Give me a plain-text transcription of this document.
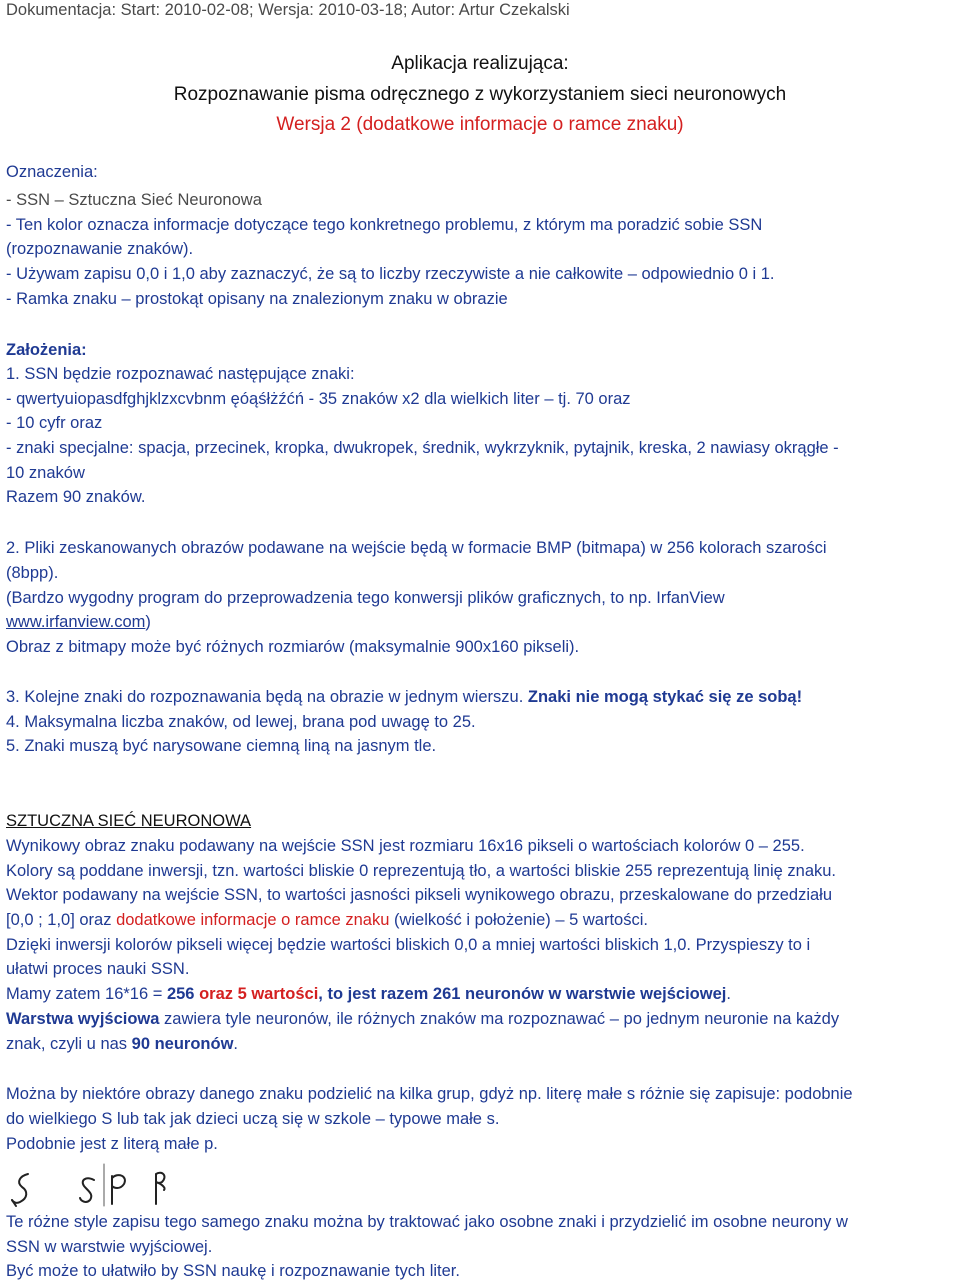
Dokumentacja: Start: 2010-02-08; Wersja: 2010-03-18; Autor: Artur Czekalski
Aplikacja realizująca:
Rozpoznawanie pisma odręcznego z wykorzystaniem sieci neuronowych
Wersja 2 (dodatkowe informacje o ramce znaku)
Oznaczenia:
- SSN – Sztuczna Sieć Neuronowa
- Ten kolor oznacza informacje dotyczące tego konkretnego problemu, z którym ma poradzić sobie SSN
(rozpoznawanie znaków).
- Używam zapisu 0,0 i 1,0 aby zaznaczyć, że są to liczby rzeczywiste a nie całkowite – odpowiednio 0 i 1.
- Ramka znaku – prostokąt opisany na znalezionym znaku w obrazie
Założenia:
1. SSN będzie rozpoznawać następujące znaki:
- qwertyuiopasdfghjklzxcvbnm ęóąśłżźćń - 35 znaków x2 dla wielkich liter – tj. 70 oraz
- 10 cyfr oraz
- znaki specjalne: spacja, przecinek, kropka, dwukropek, średnik, wykrzyknik, pytajnik, kreska, 2 nawiasy okrągłe -
10 znaków
Razem 90 znaków.
2. Pliki zeskanowanych obrazów podawane na wejście będą w formacie BMP (bitmapa) w 256 kolorach szarości
(8bpp).
(Bardzo wygodny program do przeprowadzenia tego konwersji plików graficznych, to np. IrfanView
www.irfanview.com)
Obraz z bitmapy może być różnych rozmiarów (maksymalnie 900x160 pikseli).
3. Kolejne znaki do rozpoznawania będą na obrazie w jednym wierszu. Znaki nie mogą stykać się ze sobą!
4. Maksymalna liczba znaków, od lewej, brana pod uwagę to 25.
5. Znaki muszą być narysowane ciemną liną na jasnym tle.
SZTUCZNA SIEĆ NEURONOWA
Wynikowy obraz znaku podawany na wejście SSN jest rozmiaru 16x16 pikseli o wartościach kolorów 0 – 255.
Kolory są poddane inwersji, tzn. wartości bliskie 0 reprezentują tło, a wartości bliskie 255 reprezentują linię znaku.
Wektor podawany na wejście SSN, to wartości jasności pikseli wynikowego obrazu, przeskalowane do przedziału
[0,0 ; 1,0] oraz dodatkowe informacje o ramce znaku (wielkość i położenie) – 5 wartości.
Dzięki inwersji kolorów pikseli więcej będzie wartości bliskich 0,0 a mniej wartości bliskich 1,0. Przyspieszy to i
ułatwi proces nauki SSN.
Mamy zatem 16*16 = 256 oraz 5 wartości, to jest razem 261 neuronów w warstwie wejściowej.
Warstwa wyjściowa zawiera tyle neuronów, ile różnych znaków ma rozpoznawać – po jednym neuronie na każdy
znak, czyli u nas 90 neuronów.
Można by niektóre obrazy danego znaku podzielić na kilka grup, gdyż np. literę małe s różnie się zapisuje: podobnie
do wielkiego S lub tak jak dzieci uczą się w szkole – typowe małe s.
Podobnie jest z literą małe p.
Te różne style zapisu tego samego znaku można by traktować jako osobne znaki i przydzielić im osobne neurony w
SSN w warstwie wyjściowej.
Być może to ułatwiło by SSN naukę i rozpoznawanie tych liter.
